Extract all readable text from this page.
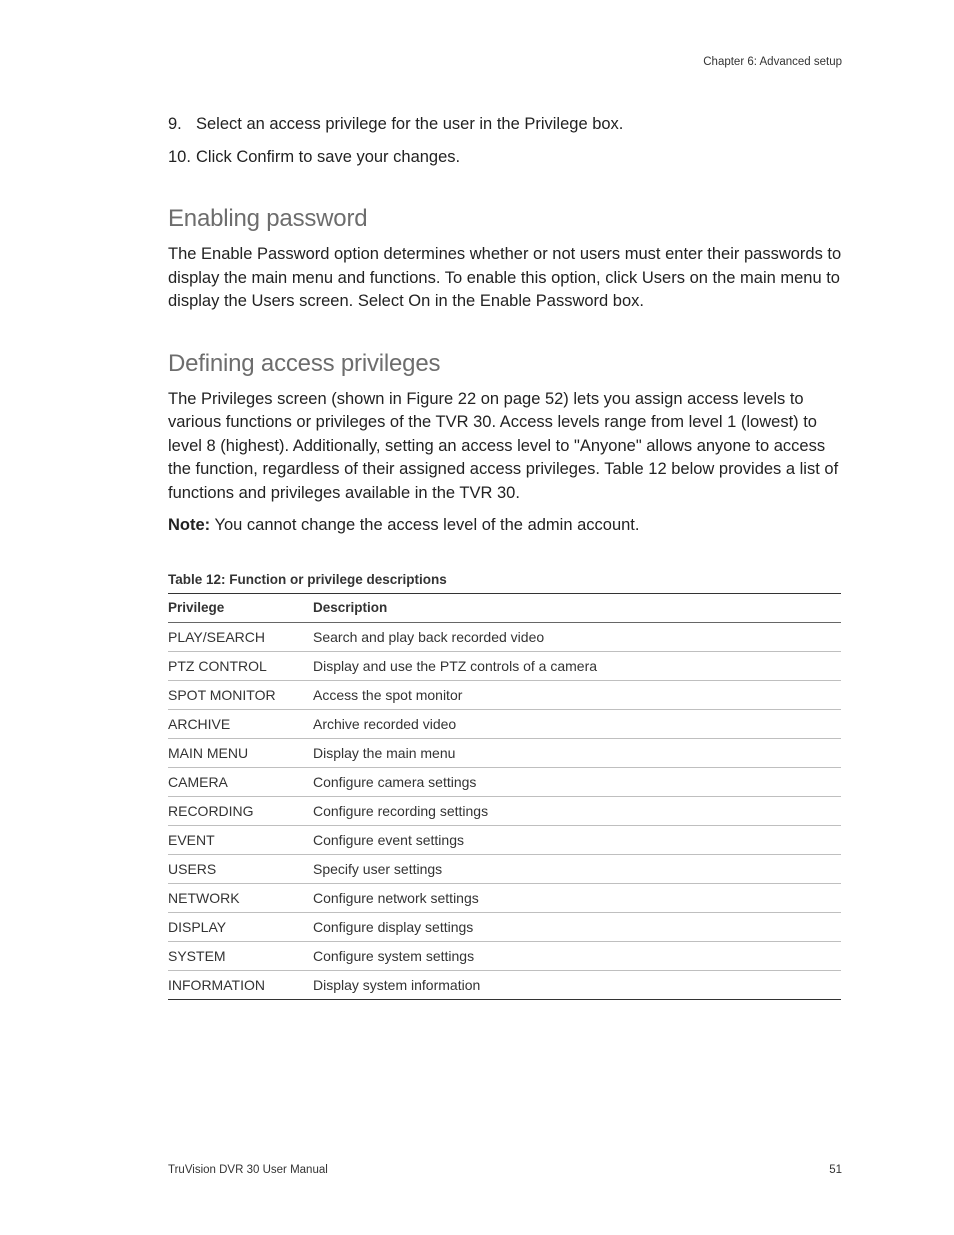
Chapter 6: Advanced setup
9. Select an access privilege for the user in the Privilege box.
10. Click Confirm to save your changes.
Enabling password

The Enable Password option determines whether or not users must enter their passwords to display the main menu and functions. To enable this option, click Users on the main menu to display the Users screen. Select On in the Enable Password box.

Defining access privileges

The Privileges screen (shown in Figure 22 on page 52) lets you assign access levels to various functions or privileges of the TVR 30. Access levels range from level 1 (lowest) to level 8 (highest). Additionally, setting an access level to "Anyone" allows anyone to access the function, regardless of their assigned access privileges. Table 12 below provides a list of functions and privileges available in the TVR 30.

Note: You cannot change the access level of the admin account.

Table 12: Function or privilege descriptions
Privilege	Description
PLAY/SEARCH	Search and play back recorded video
PTZ CONTROL	Display and use the PTZ controls of a camera
SPOT MONITOR	Access the spot monitor
ARCHIVE	Archive recorded video
MAIN MENU	Display the main menu
CAMERA	Configure camera settings
RECORDING	Configure recording settings
EVENT	Configure event settings
USERS	Specify user settings
NETWORK	Configure network settings
DISPLAY	Configure display settings
SYSTEM	Configure system settings
INFORMATION	Display system information
TruVision DVR 30 User Manual	51
